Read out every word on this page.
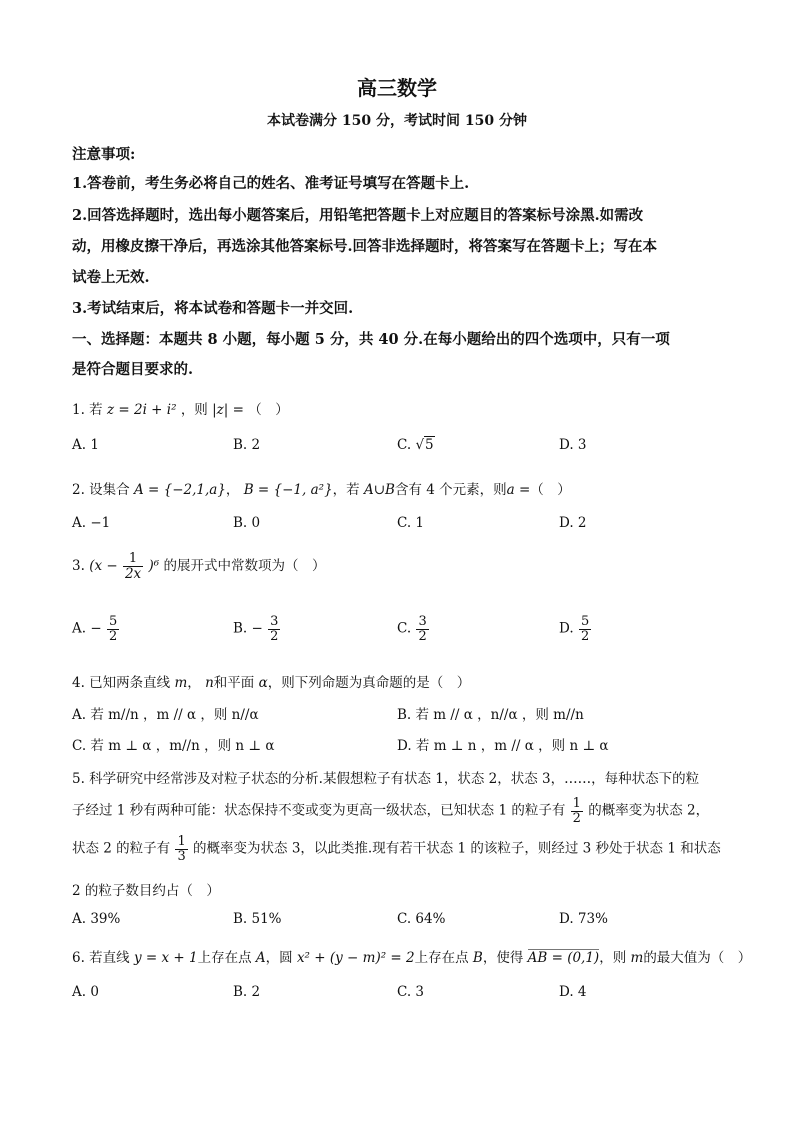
高三数学
本试卷满分 150 分，考试时间 150 分钟
注意事项:
1.答卷前，考生务必将自己的姓名、准考证号填写在答题卡上.
2.回答选择题时，选出每小题答案后，用铅笔把答题卡上对应题目的答案标号涂黑.如需改
动，用橡皮擦干净后，再选涂其他答案标号.回答非选择题时，将答案写在答题卡上；写在本
试卷上无效.
3.考试结束后，将本试卷和答题卡一并交回.
一、选择题：本题共 8 小题，每小题 5 分，共 40 分.在每小题给出的四个选项中，只有一项
是符合题目要求的.
1. 若 z = 2i + i² ，则 |z| = （　）
A. 1	B. 2	C. √5	D. 3
2. 设集合 A = {−2,1,a}， B = {−1, a²}，若 A∪B含有 4 个元素，则a =（　）
A. −1	B. 0	C. 1	D. 2
3. $(x - \frac{1}{2x} )^6$ 的展开式中常数项为（　）
A. − $\frac{5}{2}$	B. − $\frac{3}{2}$	C. $\frac{3}{2}$	D. $\frac{5}{2}$
4. 已知两条直线 m， n和平面 α，则下列命题为真命题的是（　）
A. 若 m//n ，m // α ，则 n//α	B. 若 m // α ，n//α ，则 m//n
C. 若 m ⊥ α ，m//n ，则 n ⊥ α	D. 若 m ⊥ n ，m // α ，则 n ⊥ α
5. 科学研究中经常涉及对粒子状态的分析.某假想粒子有状态 1，状态 2，状态 3，……，每种状态下的粒
子经过 1 秒有两种可能：状态保持不变或变为更高一级状态，已知状态 1 的粒子有 $\frac{1}{2}$ 的概率变为状态 2，
状态 2 的粒子有 $\frac{1}{3}$ 的概率变为状态 3，以此类推.现有若干状态 1 的该粒子，则经过 3 秒处于状态 1 和状态
2 的粒子数目约占（　）
A. 39%	B. 51%	C. 64%	D. 73%
6. 若直线 y = x + 1上存在点 A，圆 x² + (y − m)² = 2上存在点 B，使得 AB = (0,1)，则 m的最大值为（　）
A. 0	B. 2	C. 3	D. 4
